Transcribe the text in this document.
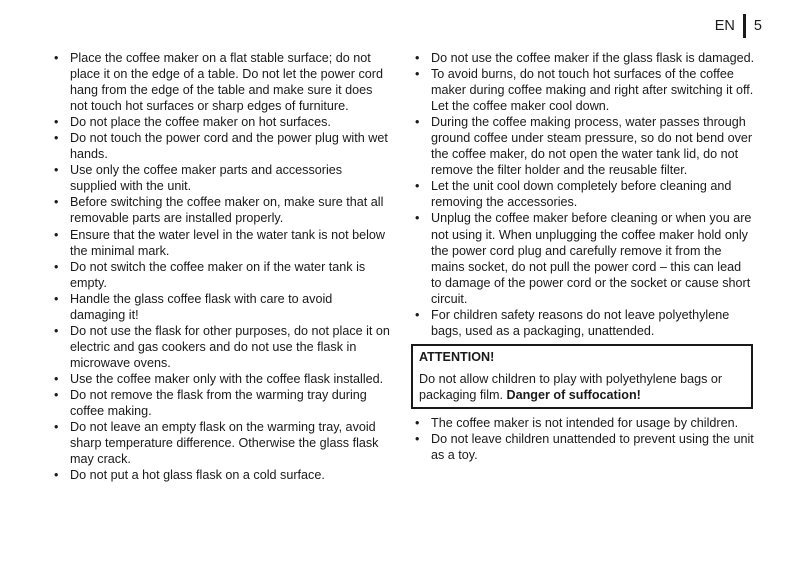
EN 5
• Place the coffee maker on a flat stable surface; do not place it on the edge of a table. Do not let the power cord hang from the edge of the table and make sure it does not touch hot surfaces or sharp edges of furniture.
• Do not place the coffee maker on hot surfaces.
• Do not touch the power cord and the power plug with wet hands.
• Use only the coffee maker parts and accessories supplied with the unit.
• Before switching the coffee maker on, make sure that all removable parts are installed properly.
• Ensure that the water level in the water tank is not below the minimal mark.
• Do not switch the coffee maker on if the water tank is empty.
• Handle the glass coffee flask with care to avoid damaging it!
• Do not use the flask for other purposes, do not place it on electric and gas cookers and do not use the flask in microwave ovens.
• Use the coffee maker only with the coffee flask installed.
• Do not remove the flask from the warming tray during coffee making.
• Do not leave an empty flask on the warming tray, avoid sharp temperature difference. Otherwise the glass flask may crack.
• Do not put a hot glass flask on a cold surface.
• Do not use the coffee maker if the glass flask is damaged.
• To avoid burns, do not touch hot surfaces of the coffee maker during coffee making and right after switching it off. Let the coffee maker cool down.
• During the coffee making process, water passes through ground coffee under steam pressure, so do not bend over the coffee maker, do not open the water tank lid, do not remove the filter holder and the reusable filter.
• Let the unit cool down completely before cleaning and removing the accessories.
• Unplug the coffee maker before cleaning or when you are not using it. When unplugging the coffee maker hold only the power cord plug and carefully remove it from the mains socket, do not pull the power cord – this can lead to damage of the power cord or the socket or cause short circuit.
• For children safety reasons do not leave polyethylene bags, used as a packaging, unattended.
ATTENTION!
Do not allow children to play with polyethylene bags or packaging film. Danger of suffocation!
• The coffee maker is not intended for usage by children.
• Do not leave children unattended to prevent using the unit as a toy.
